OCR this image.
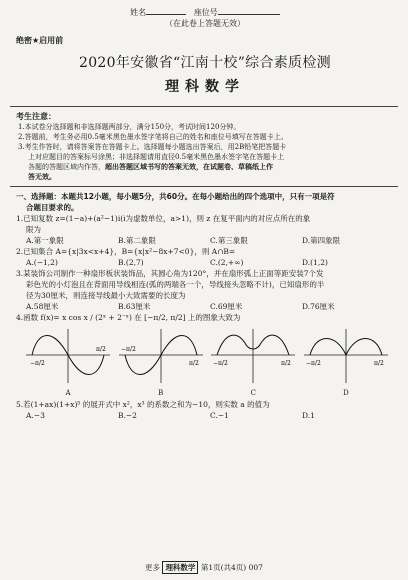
姓名	座位号
（在此卷上答题无效）
绝密★启用前
2020年安徽省“江南十校”综合素质检测
理科数学
考生注意：
1.本试卷分选择题和非选择题两部分，满分150分，考试时间120分钟。
2.答题前，考生务必用0.5毫米黑色墨水签字笔将自己的姓名和座位号填写在答题卡上。
3.考生作答时，请将答案答在答题卡上。选择题每小题选出答案后，用2B铅笔把答题卡
上对应题目的答案标号涂黑；非选择题请用直径0.5毫米黑色墨水签字笔在答题卡上
各题的答题区域内作答，超出答题区域书写的答案无效，在试题卷、草稿纸上作
答无效。
一、选择题：本题共12小题，每小题5分，共60分。在每小题给出的四个选项中，只有一项是符
合题目要求的。
1.已知复数 z=(1−a)+(a²−1)i(i为虚数单位，a>1)，则 z 在复平面内的对应点所在的象
限为
A.第一象限	B.第二象限	C.第三象限	D.第四象限
2.已知集合 A={x|3x<x+4}，B={x|x²−8x+7<0}，则 A∩B=
A.(−1,2)	B.(2,7)	C.(2,+∞)	D.(1,2)
3.某装饰公司制作一种扇形板状装饰品，其圆心角为120°，并在扇形弧上正面等距安装7个发
彩色光的小灯泡且在背面用导线相连(弧的两端各一个，导线接头忽略不计)，已知扇形的半
径为30厘米，则连接导线最小大致需要的长度为
A.58厘米	B.63厘米	C.69厘米	D.76厘米
4.函数 f(x)= x cos x / (2ˣ + 2⁻ˣ) 在 [−π/2, π/2] 上的图象大致为
−π/2
π/2
A
−π/2
π/2
B
−π/2	π/2
C
−π/2	π/2
D
5.若(1+ax)(1+x)⁵ 的展开式中 x²，x³ 的系数之和为−10，则实数 a 的值为
A.−3	B.−2	C.−1	D.1
更多 理科数学 第1页(共4页) 007
